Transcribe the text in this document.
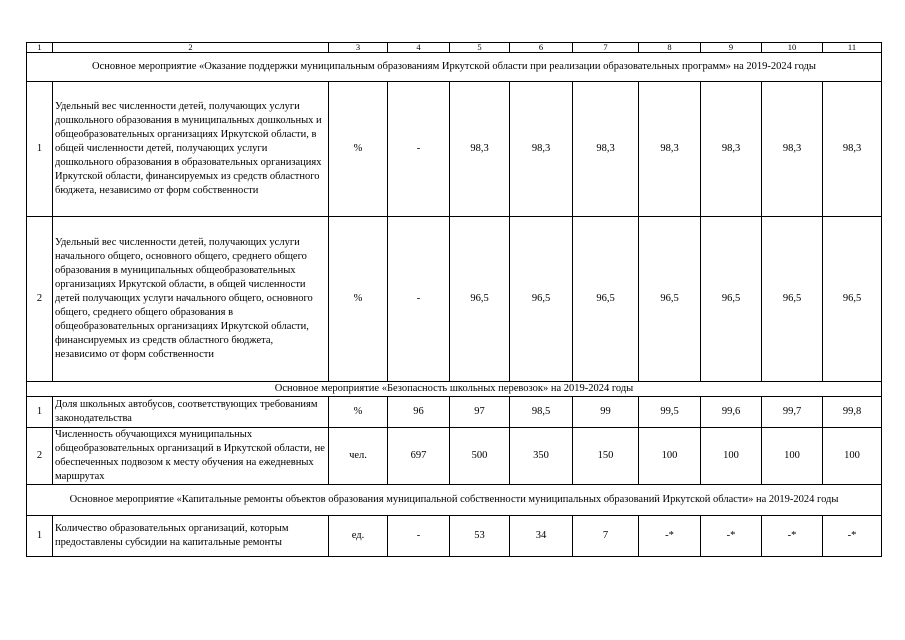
1	2	3	4	5	6	7	8	9	10	11
Основное мероприятие «Оказание поддержки муниципальным образованиям Иркутской области при реализации образовательных программ» на 2019-2024 годы										
1	Удельный вес численности детей, получающих услуги дошкольного образования в муниципальных дошкольных и общеобразовательных организациях Иркутской области, в общей численности детей, получающих услуги дошкольного образования в образовательных организациях Иркутской области, финансируемых из средств областного бюджета, независимо от форм собственности	%	-	98,3	98,3	98,3	98,3	98,3	98,3	98,3
2	Удельный вес численности детей, получающих услуги начального общего, основного общего, среднего общего образования в муниципальных общеобразовательных организациях Иркутской области, в общей численности детей получающих услуги начального общего, основного общего, среднего общего образования в общеобразовательных организациях Иркутской области, финансируемых из средств областного бюджета, независимо от форм собственности	%	-	96,5	96,5	96,5	96,5	96,5	96,5	96,5
Основное мероприятие «Безопасность школьных перевозок» на 2019-2024 годы										
1	Доля школьных автобусов, соответствующих требованиям законодательства	%	96	97	98,5	99	99,5	99,6	99,7	99,8
2	Численность обучающихся муниципальных общеобразовательных организаций в Иркутской области, не обеспеченных подвозом к месту обучения на ежедневных маршрутах	чел.	697	500	350	150	100	100	100	100
Основное мероприятие «Капитальные ремонты объектов образования муниципальной собственности муниципальных образований Иркутской области» на 2019-2024 годы										
1	Количество образовательных организаций, которым предоставлены субсидии на капитальные ремонты	ед.	-	53	34	7	-*	-*	-*	-*
